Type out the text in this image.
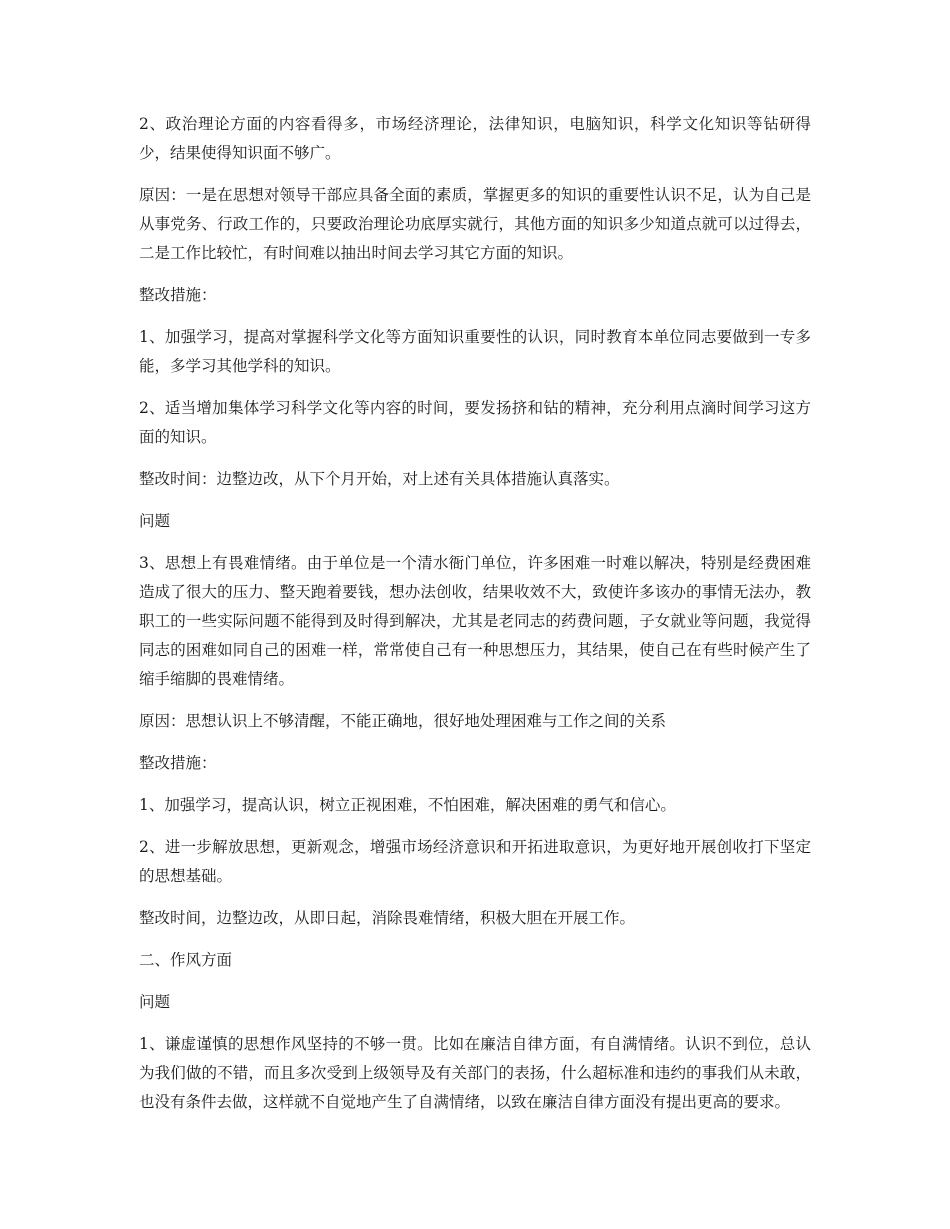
2、政治理论方面的内容看得多，市场经济理论，法律知识，电脑知识，科学文化知识等钻研得少，结果使得知识面不够广。

原因：一是在思想对领导干部应具备全面的素质，掌握更多的知识的重要性认识不足，认为自己是从事党务、行政工作的，只要政治理论功底厚实就行，其他方面的知识多少知道点就可以过得去，二是工作比较忙，有时间难以抽出时间去学习其它方面的知识。

整改措施：

1、加强学习，提高对掌握科学文化等方面知识重要性的认识，同时教育本单位同志要做到一专多能，多学习其他学科的知识。

2、适当增加集体学习科学文化等内容的时间，要发扬挤和钻的精神，充分利用点滴时间学习这方面的知识。

整改时间：边整边改，从下个月开始，对上述有关具体措施认真落实。

问题

3、思想上有畏难情绪。由于单位是一个清水衙门单位，许多困难一时难以解决，特别是经费困难造成了很大的压力、整天跑着要钱，想办法创收，结果收效不大，致使许多该办的事情无法办，教职工的一些实际问题不能得到及时得到解决，尤其是老同志的药费问题，子女就业等问题，我觉得同志的困难如同自己的困难一样，常常使自己有一种思想压力，其结果，使自己在有些时候产生了缩手缩脚的畏难情绪。

原因：思想认识上不够清醒，不能正确地，很好地处理困难与工作之间的关系

整改措施：

1、加强学习，提高认识，树立正视困难，不怕困难，解决困难的勇气和信心。

2、进一步解放思想，更新观念，增强市场经济意识和开拓进取意识，为更好地开展创收打下坚定的思想基础。

整改时间，边整边改，从即日起，消除畏难情绪，积极大胆在开展工作。

二、作风方面

问题

1、谦虚谨慎的思想作风坚持的不够一贯。比如在廉洁自律方面，有自满情绪。认识不到位，总认为我们做的不错，而且多次受到上级领导及有关部门的表扬，什么超标准和违约的事我们从未敢，也没有条件去做，这样就不自觉地产生了自满情绪，以致在廉洁自律方面没有提出更高的要求。
